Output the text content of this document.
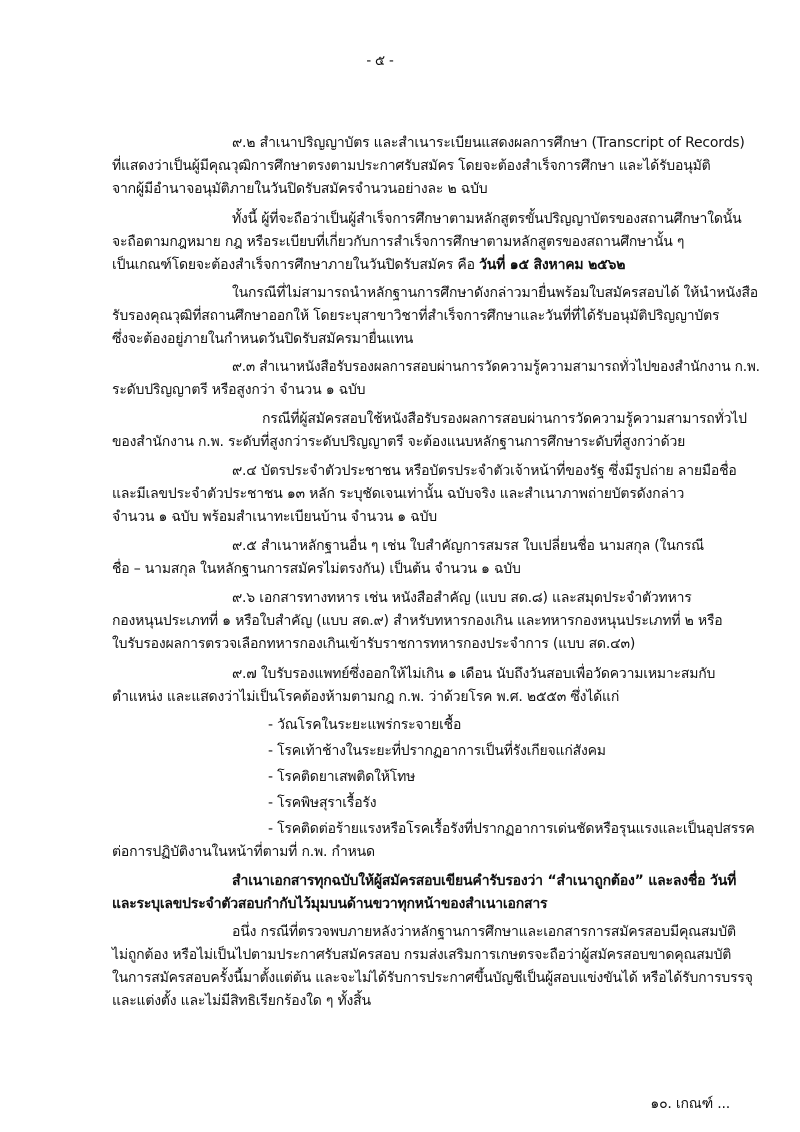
- ๕ -
๙.๒ สำเนาปริญญาบัตร และสำเนาระเบียนแสดงผลการศึกษา (Transcript of Records)
ที่แสดงว่าเป็นผู้มีคุณวุฒิการศึกษาตรงตามประกาศรับสมัคร โดยจะต้องสำเร็จการศึกษา และได้รับอนุมัติ
จากผู้มีอำนาจอนุมัติภายในวันปิดรับสมัครจำนวนอย่างละ ๒ ฉบับ
ทั้งนี้ ผู้ที่จะถือว่าเป็นผู้สำเร็จการศึกษาตามหลักสูตรขั้นปริญญาบัตรของสถานศึกษาใดนั้น
จะถือตามกฎหมาย กฎ หรือระเบียบที่เกี่ยวกับการสำเร็จการศึกษาตามหลักสูตรของสถานศึกษานั้น ๆ
เป็นเกณฑ์โดยจะต้องสำเร็จการศึกษาภายในวันปิดรับสมัคร คือ วันที่ ๑๕ สิงหาคม ๒๕๖๒
ในกรณีที่ไม่สามารถนำหลักฐานการศึกษาดังกล่าวมายื่นพร้อมใบสมัครสอบได้ ให้นำหนังสือ
รับรองคุณวุฒิที่สถานศึกษาออกให้ โดยระบุสาขาวิชาที่สำเร็จการศึกษาและวันที่ที่ได้รับอนุมัติปริญญาบัตร
ซึ่งจะต้องอยู่ภายในกำหนดวันปิดรับสมัครมายื่นแทน
๙.๓ สำเนาหนังสือรับรองผลการสอบผ่านการวัดความรู้ความสามารถทั่วไปของสำนักงาน ก.พ.
ระดับปริญญาตรี หรือสูงกว่า จำนวน ๑ ฉบับ
กรณีที่ผู้สมัครสอบใช้หนังสือรับรองผลการสอบผ่านการวัดความรู้ความสามารถทั่วไป
ของสำนักงาน ก.พ. ระดับที่สูงกว่าระดับปริญญาตรี จะต้องแนบหลักฐานการศึกษาระดับที่สูงกว่าด้วย
๙.๔ บัตรประจำตัวประชาชน หรือบัตรประจำตัวเจ้าหน้าที่ของรัฐ ซึ่งมีรูปถ่าย ลายมือชื่อ
และมีเลขประจำตัวประชาชน ๑๓ หลัก ระบุชัดเจนเท่านั้น ฉบับจริง และสำเนาภาพถ่ายบัตรดังกล่าว
จำนวน ๑ ฉบับ พร้อมสำเนาทะเบียนบ้าน จำนวน ๑ ฉบับ
๙.๕ สำเนาหลักฐานอื่น ๆ เช่น ใบสำคัญการสมรส ใบเปลี่ยนชื่อ นามสกุล (ในกรณี
ชื่อ – นามสกุล ในหลักฐานการสมัครไม่ตรงกัน) เป็นต้น จำนวน ๑ ฉบับ
๙.๖ เอกสารทางทหาร เช่น หนังสือสำคัญ (แบบ สด.๘) และสมุดประจำตัวทหาร
กองหนุนประเภทที่ ๑ หรือใบสำคัญ (แบบ สด.๙) สำหรับทหารกองเกิน และทหารกองหนุนประเภทที่ ๒ หรือ
ใบรับรองผลการตรวจเลือกทหารกองเกินเข้ารับราชการทหารกองประจำการ (แบบ สด.๔๓)
๙.๗ ใบรับรองแพทย์ซึ่งออกให้ไม่เกิน ๑ เดือน นับถึงวันสอบเพื่อวัดความเหมาะสมกับ
ตำแหน่ง และแสดงว่าไม่เป็นโรคต้องห้ามตามกฎ ก.พ. ว่าด้วยโรค พ.ศ. ๒๕๕๓ ซึ่งได้แก่
- วัณโรคในระยะแพร่กระจายเชื้อ
- โรคเท้าช้างในระยะที่ปรากฏอาการเป็นที่รังเกียจแก่สังคม
- โรคติดยาเสพติดให้โทษ
- โรคพิษสุราเรื้อรัง
- โรคติดต่อร้ายแรงหรือโรคเรื้อรังที่ปรากฏอาการเด่นชัดหรือรุนแรงและเป็นอุปสรรค
ต่อการปฏิบัติงานในหน้าที่ตามที่ ก.พ. กำหนด
สำเนาเอกสารทุกฉบับให้ผู้สมัครสอบเขียนคำรับรองว่า “สำเนาถูกต้อง” และลงชื่อ วันที่
และระบุเลขประจำตัวสอบกำกับไว้มุมบนด้านขวาทุกหน้าของสำเนาเอกสาร
อนึ่ง กรณีที่ตรวจพบภายหลังว่าหลักฐานการศึกษาและเอกสารการสมัครสอบมีคุณสมบัติ
ไม่ถูกต้อง หรือไม่เป็นไปตามประกาศรับสมัครสอบ กรมส่งเสริมการเกษตรจะถือว่าผู้สมัครสอบขาดคุณสมบัติ
ในการสมัครสอบครั้งนี้มาตั้งแต่ต้น และจะไม่ได้รับการประกาศขึ้นบัญชีเป็นผู้สอบแข่งขันได้ หรือได้รับการบรรจุ
และแต่งตั้ง และไม่มีสิทธิเรียกร้องใด ๆ ทั้งสิ้น
๑๐. เกณฑ์ ...
